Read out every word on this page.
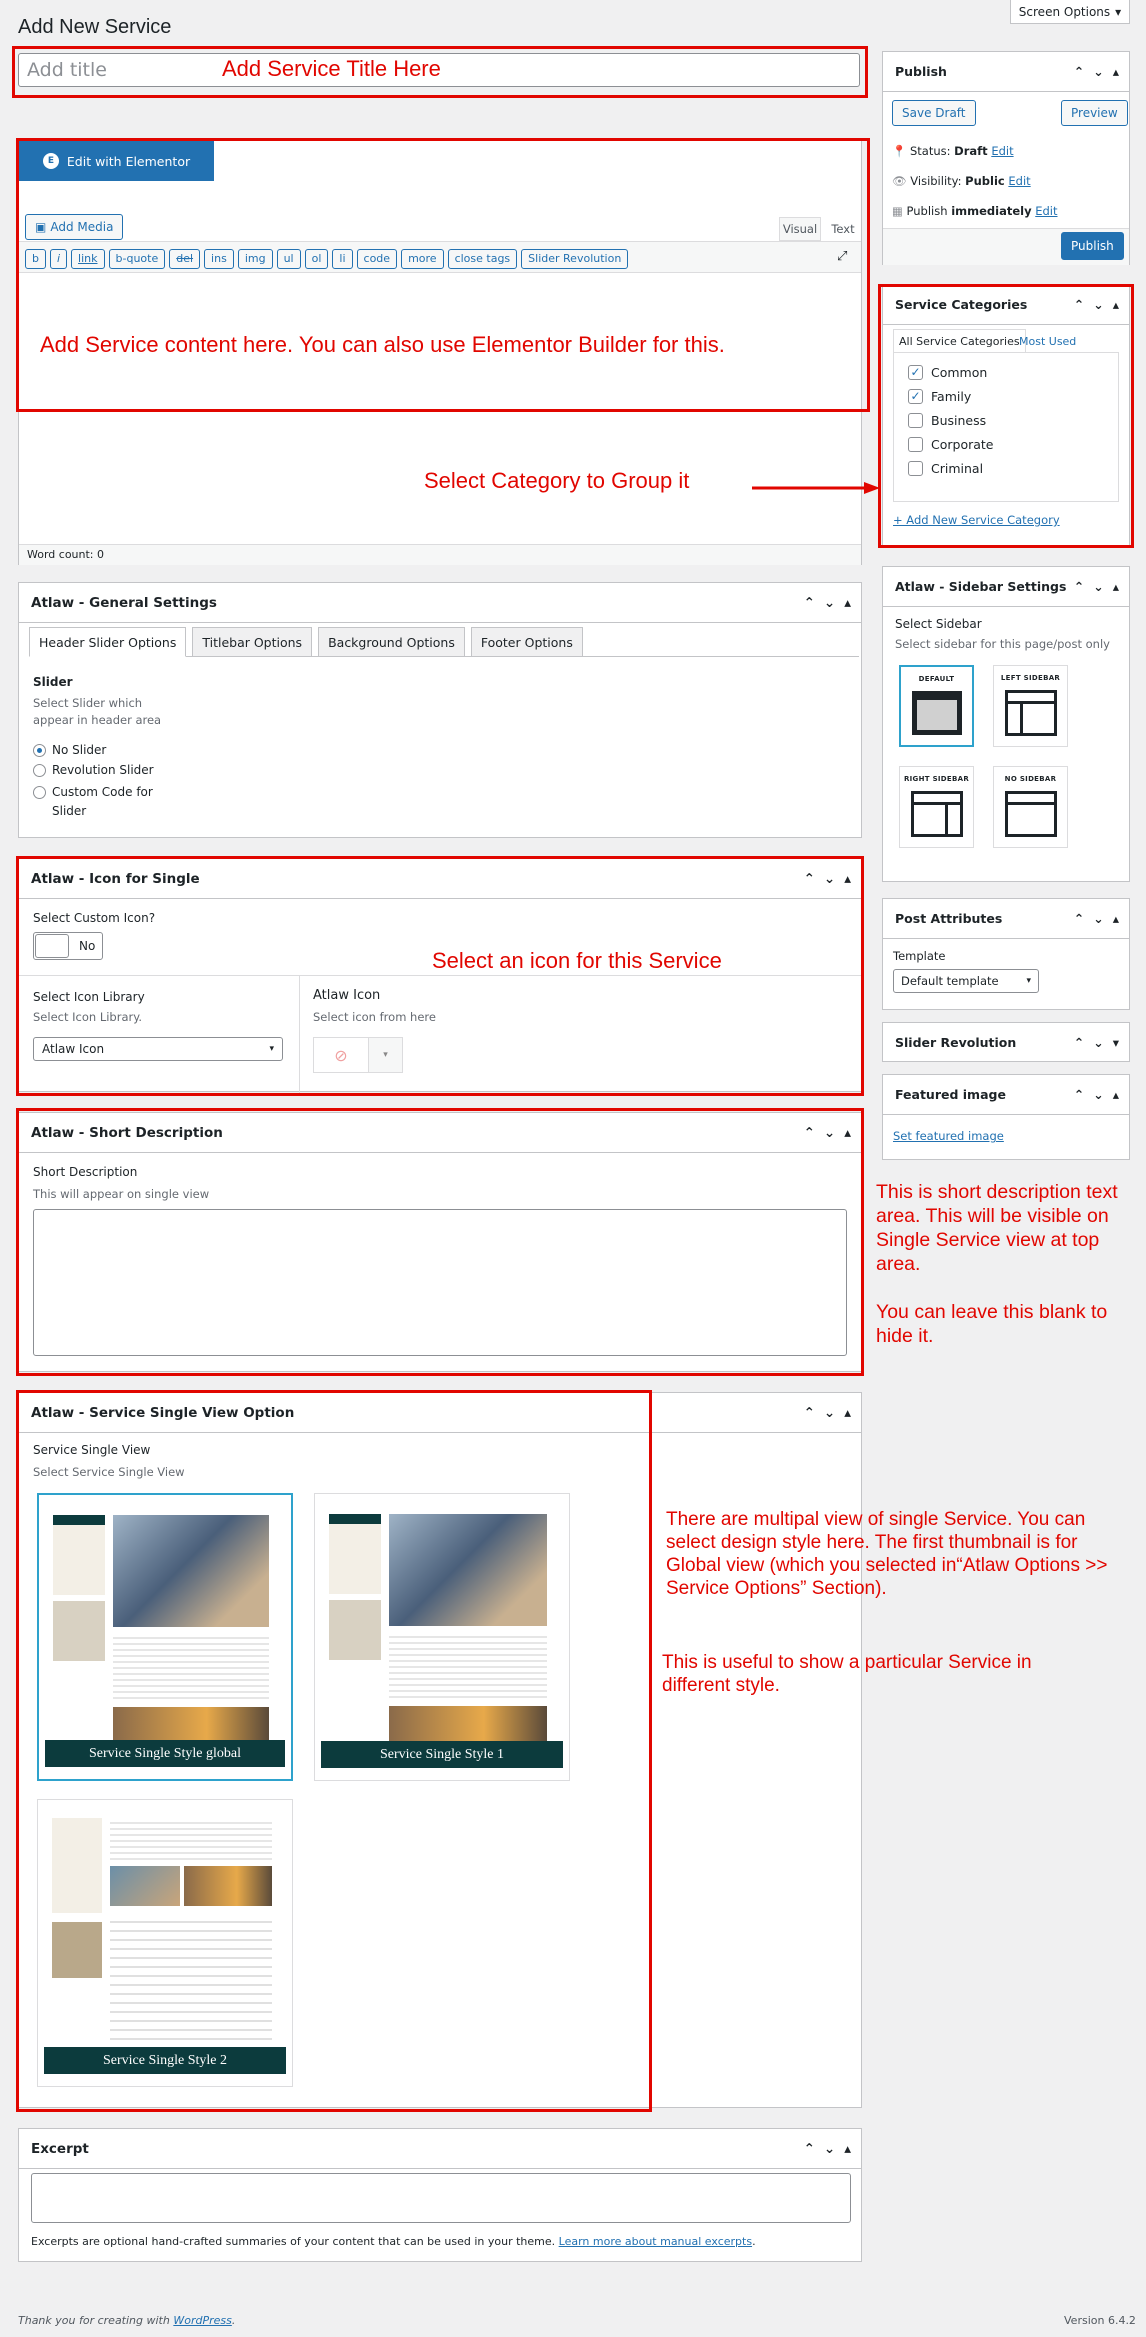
Add New Service
Screen Options ▾
Add title
E	Edit with Elementor
▣ Add Media	Visual	Text
b i link b-quote del ins img ul ol li code more close tags Slider Revolution	⤢
Word count: 0
Atlaw - General Settings	⌃ ⌄ ▴
Header Slider Options Titlebar Options Background Options Footer Options
Slider
Select Slider which appear in header area
No Slider
Revolution Slider
Custom Code for Slider
Atlaw - Icon for Single	⌃ ⌄ ▴
Select Custom Icon?
No
Select Icon Library
Select Icon Library.
Atlaw Icon	▾
Atlaw Icon
Select icon from here
⊘	▾
Atlaw - Short Description	⌃ ⌄ ▴
Short Description
This will appear on single view
Atlaw - Service Single View Option	⌃ ⌄ ▴
Service Single View
Select Service Single View
Service Single Style global	Service Single Style 1
Service Single Style 2
Excerpt	⌃ ⌄ ▴
Excerpts are optional hand-crafted summaries of your content that can be used in your theme. Learn more about manual excerpts.
Thank you for creating with WordPress.	Version 6.4.2
Publish	⌃ ⌄ ▴
Save Draft	Preview
📍 Status: Draft Edit
👁 Visibility: Public Edit
▦ Publish immediately Edit
Publish
Service Categories	⌃ ⌄ ▴
All Service Categories Most Used
✓ Common
✓ Family
Business
Corporate
Criminal
+ Add New Service Category
Atlaw - Sidebar Settings ⌃ ⌄ ▴
Select Sidebar
Select sidebar for this page/post only
DEFAULT	LEFT SIDEBAR
RIGHT SIDEBAR	NO SIDEBAR
Post Attributes	⌃ ⌄ ▴
Template
Default template	▾
Slider Revolution	⌃ ⌄ ▾
Featured image	⌃ ⌄ ▴
Set featured image
Add Service Title Here
Add Service content here. You can also use Elementor Builder for this.
Select Category to Group it
Select an icon for this Service
This is short description text area. This will be visible on Single Service view at top area.
You can leave this blank to hide it.
There are multipal view of single Service. You can select design style here. The first thumbnail is for Global view (which you selected in“Atlaw Options >> Service Options” Section).
This is useful to show a particular Service in different style.
